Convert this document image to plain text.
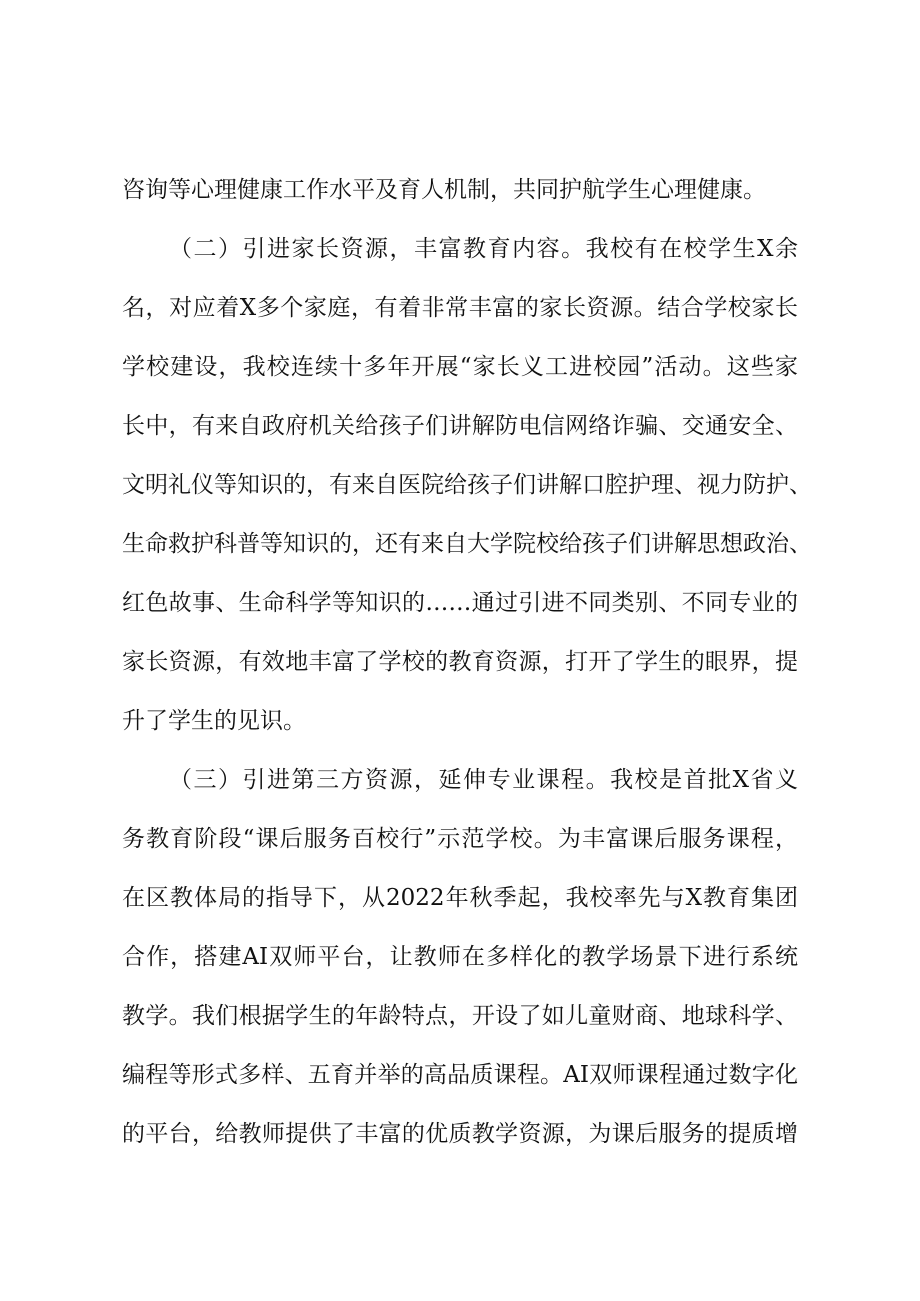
咨询等心理健康工作水平及育人机制，共同护航学生心理健康。
（二）引进家长资源，丰富教育内容。我校有在校学生X余
名，对应着X多个家庭，有着非常丰富的家长资源。结合学校家长
学校建设，我校连续十多年开展“家长义工进校园”活动。这些家
长中，有来自政府机关给孩子们讲解防电信网络诈骗、交通安全、
文明礼仪等知识的，有来自医院给孩子们讲解口腔护理、视力防护、
生命救护科普等知识的，还有来自大学院校给孩子们讲解思想政治、
红色故事、生命科学等知识的……通过引进不同类别、不同专业的
家长资源，有效地丰富了学校的教育资源，打开了学生的眼界，提
升了学生的见识。
（三）引进第三方资源，延伸专业课程。我校是首批X省义
务教育阶段“课后服务百校行”示范学校。为丰富课后服务课程，
在区教体局的指导下，从2022年秋季起，我校率先与X教育集团
合作，搭建AI双师平台，让教师在多样化的教学场景下进行系统
教学。我们根据学生的年龄特点，开设了如儿童财商、地球科学、
编程等形式多样、五育并举的高品质课程。AI双师课程通过数字化
的平台，给教师提供了丰富的优质教学资源，为课后服务的提质增
